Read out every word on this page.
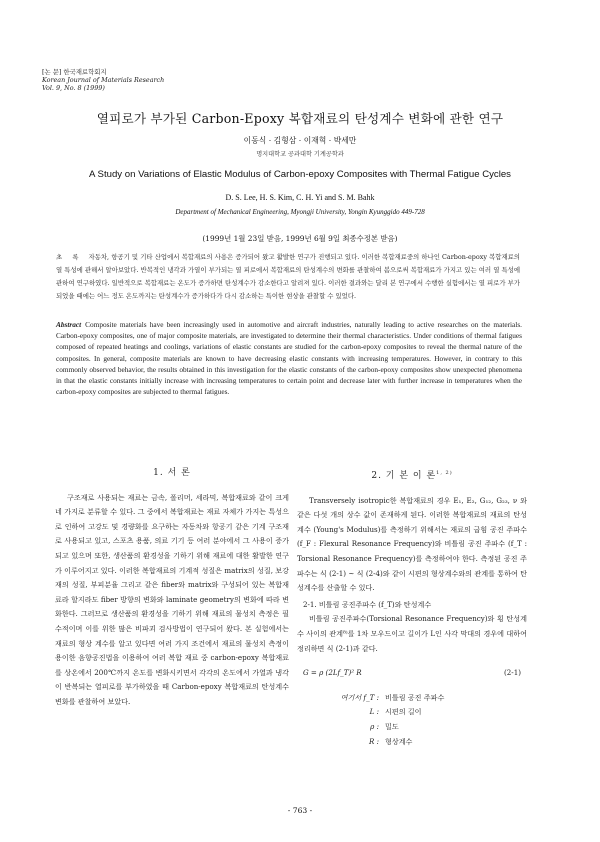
[논 문] 한국재료학회지
Korean Journal of Materials Research
Vol. 9, No. 8 (1999)
열피로가 부가된 Carbon-Epoxy 복합재료의 탄성계수 변화에 관한 연구
이동식 · 김형삼 · 이재혁 · 박세만
명지대학교 공과대학 기계공학과
A Study on Variations of Elastic Modulus of Carbon-epoxy Composites with Thermal Fatigue Cycles
D. S. Lee, H. S. Kim, C. H. Yi and S. M. Bahk
Department of Mechanical Engineering, Myongji University, Yongin Kyunggido 449-728
(1999년 1월 23일 받음, 1999년 6월 9일 최종수정본 받음)
초 록 자동차, 항공기 및 기타 산업에서 복합재료의 사용은 증가되어 왔고 활발한 연구가 진행되고 있다. 이러한 복합재료중의 하나인 Carbon-epoxy 복합재료의 열 특성에 관해서 알아보았다. 반복적인 냉각과 가열이 부가되는 열 피로에서 복합재료의 탄성계수의 변화를 관찰하여 봄으로써 복합재료가 가지고 있는 여러 열 특성에 관하여 연구하였다. 일반적으로 복합재료는 온도가 증가하면 탄성계수가 감소한다고 알려져 있다. 이러한 결과와는 달리 본 연구에서 수행한 실험에서는 열 피로가 부가되었을 때에는 어느 정도 온도까지는 탄성계수가 증가하다가 다시 감소하는 특이한 현상을 관찰할 수 있었다.
Abstract Composite materials have been increasingly used in automotive and aircraft industries, naturally leading to active researches on the materials. Carbon-epoxy composites, one of major composite materials, are investigated to determine their thermal characteristics. Under conditions of thermal fatigues composed of repeated heatings and coolings, variations of elastic constants are studied for the carbon-epoxy composites to reveal the thermal nature of the composites. In general, composite materials are known to have decreasing elastic constants with increasing temperatures. However, in contrary to this commonly observed behavior, the results obtained in this investigation for the elastic constants of the carbon-epoxy composites show unexpected phenomena in that the elastic constants initially increase with increasing temperatures to certain point and decrease later with further increase in temperatures when the carbon-epoxy composites are subjected to thermal fatigues.
1. 서 론

구조재로 사용되는 재료는 금속, 폴리머, 세라믹, 복합재료와 같이 크게 네 가지로 분류할 수 있다. 그 중에서 복합재료는 재료 자체가 가지는 특성으로 인하여 고강도 및 경량화를 요구하는 자동차와 항공기 같은 기계 구조재로 사용되고 있고, 스포츠 용품, 의료 기기 등 여러 분야에서 그 사용이 증가되고 있으며 또한, 생산품의 환경성을 기하기 위해 재료에 대한 활발한 연구가 이루어지고 있다. 이러한 복합재료의 기계적 성질은 matrix의 성질, 보강재의 성질, 부피분율 그리고 같은 fiber와 matrix와 구성되어 있는 복합재료라 할지라도 fiber 방향의 변화와 laminate geometry의 변화에 따라 변화한다. 그러므로 생산품의 환경성을 기하기 위해 재료의 물성치 측정은 필수적이며 이를 위한 많은 비파괴 검사방법이 연구되어 왔다. 본 실험에서는 재료의 형상 계수를 알고 있다면 여러 가지 조건에서 재료의 물성치 측정이 용이한 음향공진법을 이용하여 여러 복합 재료 중 carbon-epoxy 복합재료를 상온에서 200℃까지 온도를 변화시키면서 각각의 온도에서 가열과 냉각이 반복되는 열피로를 부가하였을 때 Carbon-epoxy 복합재료의 탄성계수 변화를 관찰하여 보았다.

2. 기 본 이 론$^{1, 2)}$

Transversely isotropic한 복합재료의 경우 E₁, E₂, G₁₂, G₂₃, ν 와 같은 다섯 개의 상수 값이 존재하게 된다. 이러한 복합재료의 재료의 탄성계수 (Young's Modulus)를 측정하기 위해서는 재료의 굽힘 공진 주파수 (f_F : Flexural Resonance Frequency)와 비틀림 공진 주파수 (f_T : Torsional Resonance Frequency)를 측정하여야 한다. 측정된 공진 주파수는 식 (2-1) ~ 식 (2-4)와 같이 시편의 형상계수와의 관계를 통하여 탄성계수를 산출할 수 있다.

2-1. 비틀림 공진주파수 (f_T)와 탄성계수

비틀림 공진주파수(Torsional Resonance Frequency)와 횡 탄성계수 사이의 관계⁸⁾를 1차 모우드이고 길이가 L인 사각 막대의 경우에 대하여 정리하면 식 (2-1)과 같다.

G = ρ (2Lf_T)² R	(2-1)
여기서 f_T : 비틀림 공진 주파수
L : 시편의 길이
ρ : 밀도
R : 형상계수
- 763 -
